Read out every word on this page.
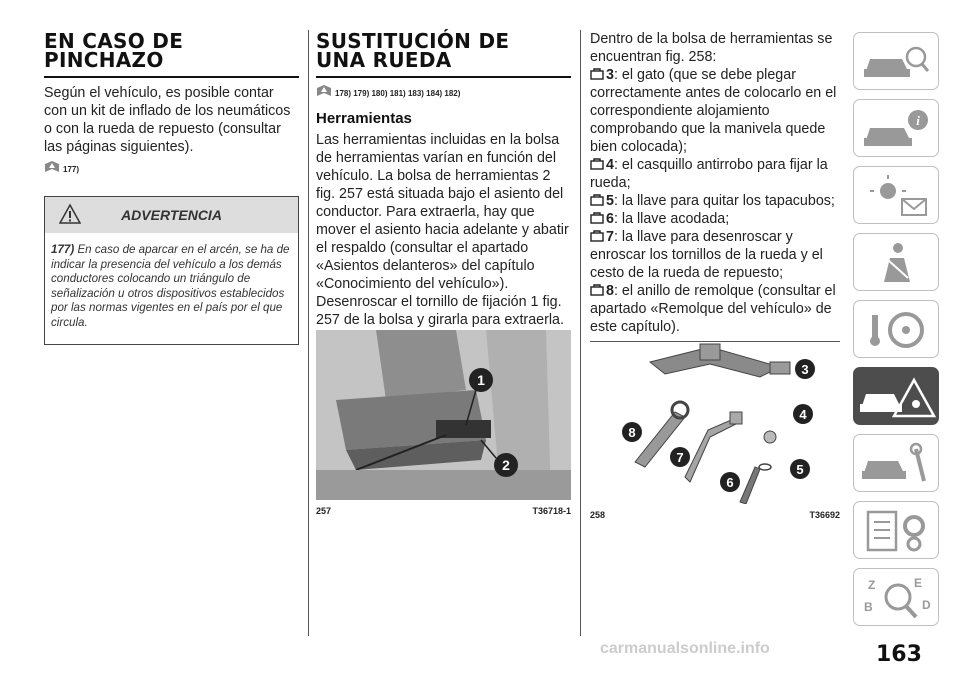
EN CASO DE
PINCHAZO

Según el vehículo, es posible contar con un kit de inflado de los neumáticos o con la rueda de repuesto (consultar las páginas siguientes).

177)
ADVERTENCIA
177) En caso de aparcar en el arcén, se ha de indicar la presencia del vehículo a los demás conductores colocando un triángulo de señalización u otros dispositivos establecidos por las normas vigentes en el país por el que circula.
SUSTITUCIÓN DE
UNA RUEDA
178) 179) 180) 181) 183) 184) 182)
Herramientas

Las herramientas incluidas en la bolsa de herramientas varían en función del vehículo. La bolsa de herramientas 2 fig. 257 está situada bajo el asiento del conductor. Para extraerla, hay que mover el asiento hacia adelante y abatir el respaldo (consultar el apartado «Asientos delanteros» del capítulo «Conocimiento del vehículo»). Desenroscar el tornillo de fijación 1 fig. 257 de la bolsa y girarla para extraerla.

1
2
257	T36718-1

Dentro de la bolsa de herramientas se encuentran fig. 258:

3: el gato (que se debe plegar correctamente antes de colocarlo en el correspondiente alojamiento comprobando que la manivela quede bien colocada);
4: el casquillo antirrobo para fijar la rueda;
5: la llave para quitar los tapacubos;
6: la llave acodada;
7: la llave para desenroscar y enroscar los tornillos de la rueda y el cesto de la rueda de repuesto;
8: el anillo de remolque (consultar el apartado «Remolque del vehículo» de este capítulo).
3
4
5
6
7
8
258	T36692
i
Z	E
B	D
163
carmanualsonline.info
